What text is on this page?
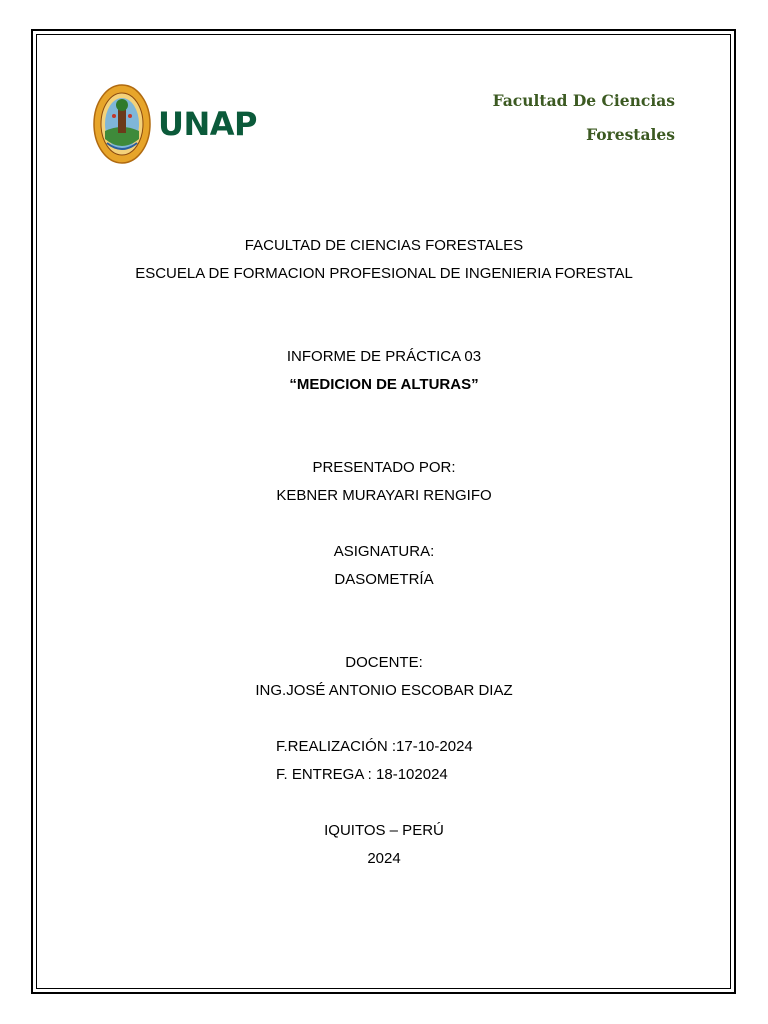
UNAP
Facultad De Ciencias
Forestales
FACULTAD DE CIENCIAS FORESTALES
ESCUELA DE FORMACION PROFESIONAL DE INGENIERIA FORESTAL
INFORME DE PRÁCTICA 03
“MEDICION DE ALTURAS”
PRESENTADO POR:
KEBNER MURAYARI RENGIFO
ASIGNATURA:
DASOMETRÍA
DOCENTE:
ING.JOSÉ ANTONIO ESCOBAR DIAZ
F.REALIZACIÓN :17-10-2024
F. ENTREGA : 18-102024
IQUITOS – PERÚ
2024
